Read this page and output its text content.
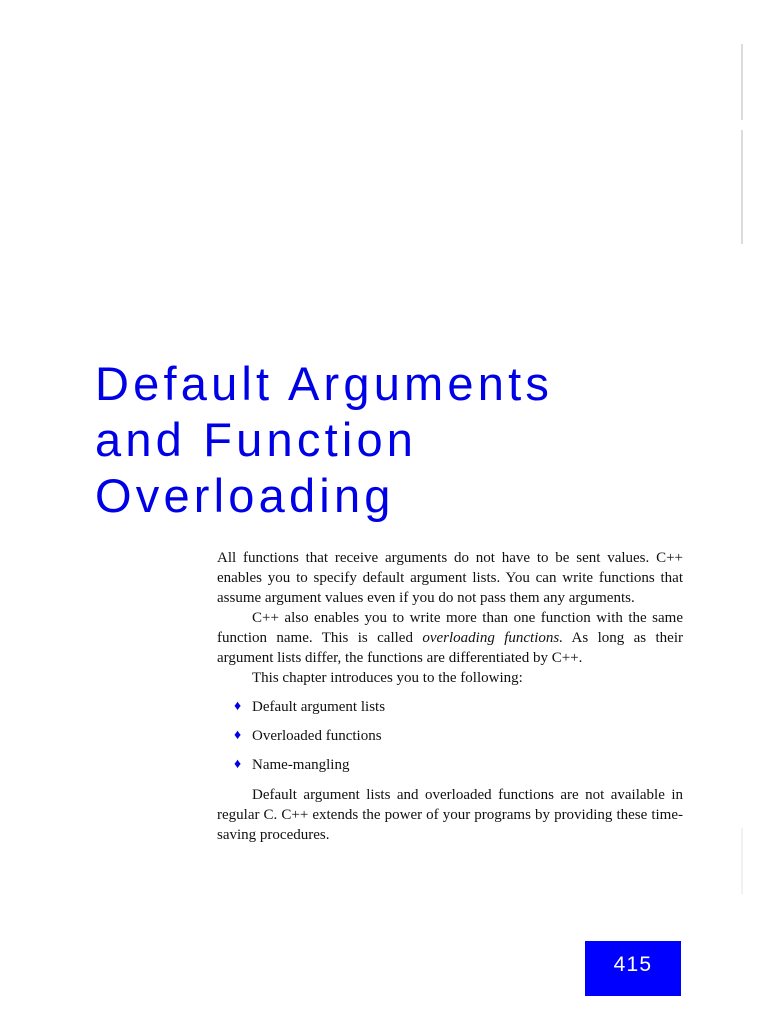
Default Arguments
and Function
Overloading

All functions that receive arguments do not have to be sent values. C++ enables you to specify default argument lists. You can write functions that assume argument values even if you do not pass them any arguments.

C++ also enables you to write more than one function with the same function name. This is called overloading functions. As long as their argument lists differ, the functions are differentiated by C++.

This chapter introduces you to the following:

♦ Default argument lists
♦ Overloaded functions
♦ Name-mangling

Default argument lists and overloaded functions are not available in regular C. C++ extends the power of your programs by providing these time-saving procedures.

415
